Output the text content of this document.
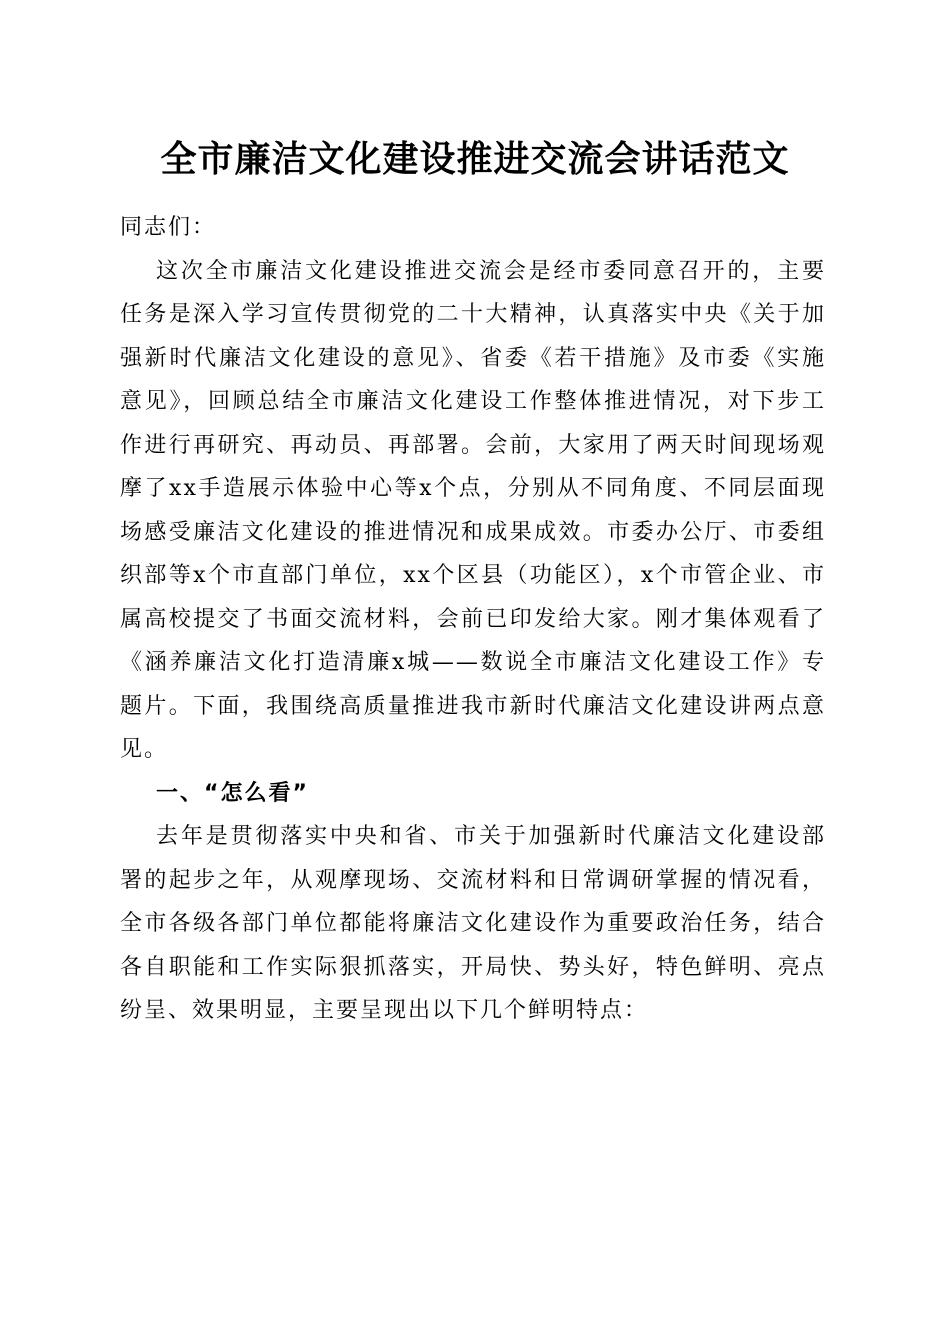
全市廉洁文化建设推进交流会讲话范文

同志们：

这次全市廉洁文化建设推进交流会是经市委同意召开的，主要任务是深入学习宣传贯彻党的二十大精神，认真落实中央《关于加强新时代廉洁文化建设的意见》、省委《若干措施》及市委《实施意见》，回顾总结全市廉洁文化建设工作整体推进情况，对下步工作进行再研究、再动员、再部署。会前，大家用了两天时间现场观摩了xx手造展示体验中心等x个点，分别从不同角度、不同层面现场感受廉洁文化建设的推进情况和成果成效。市委办公厅、市委组织部等x个市直部门单位，xx个区县（功能区），x个市管企业、市属高校提交了书面交流材料，会前已印发给大家。刚才集体观看了《涵养廉洁文化打造清廉x城——数说全市廉洁文化建设工作》专题片。下面，我围绕高质量推进我市新时代廉洁文化建设讲两点意见。

一、“怎么看”

去年是贯彻落实中央和省、市关于加强新时代廉洁文化建设部署的起步之年，从观摩现场、交流材料和日常调研掌握的情况看，全市各级各部门单位都能将廉洁文化建设作为重要政治任务，结合各自职能和工作实际狠抓落实，开局快、势头好，特色鲜明、亮点纷呈、效果明显，主要呈现出以下几个鲜明特点：
